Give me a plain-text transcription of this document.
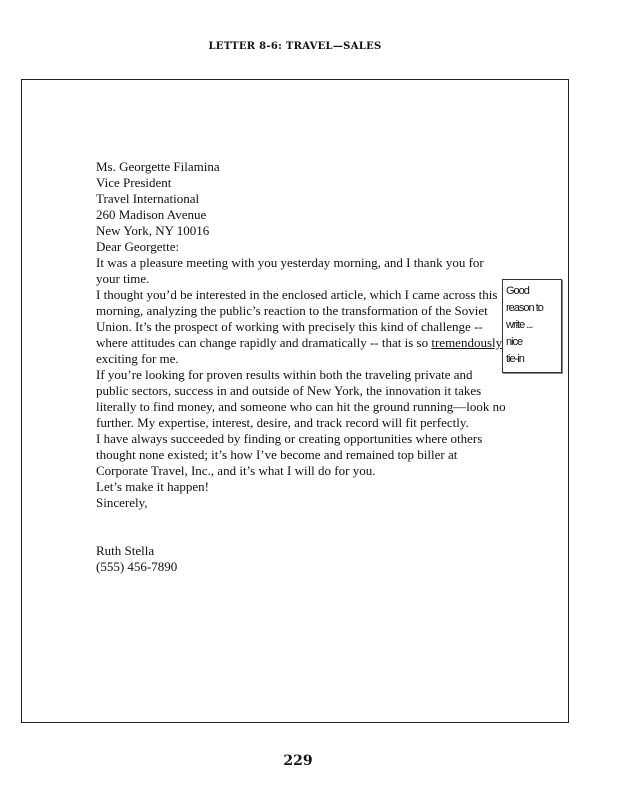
LETTER 8-6: TRAVEL—SALES
Ms. Georgette Filamina
Vice President
Travel International
260 Madison Avenue
New York, NY 10016

Dear Georgette:

It was a pleasure meeting with you yesterday morning, and I thank you for your time.

I thought you’d be interested in the enclosed article, which I came across this morning, analyzing the public’s reaction to the transformation of the Soviet Union. It’s the prospect of working with precisely this kind of challenge -- where attitudes can change rapidly and dramatically -- that is so tremendously exciting for me.

If you’re looking for proven results within both the traveling private and public sectors, success in and outside of New York, the innovation it takes literally to find money, and someone who can hit the ground running—look no further. My expertise, interest, desire, and track record will fit perfectly.

I have always succeeded by finding or creating opportunities where others thought none existed; it’s how I’ve become and remained top biller at Corporate Travel, Inc., and it’s what I will do for you.

Let’s make it happen!

Sincerely,

Ruth Stella
(555) 456-7890
Good
reason to
write ...
nice
tie-in
229
